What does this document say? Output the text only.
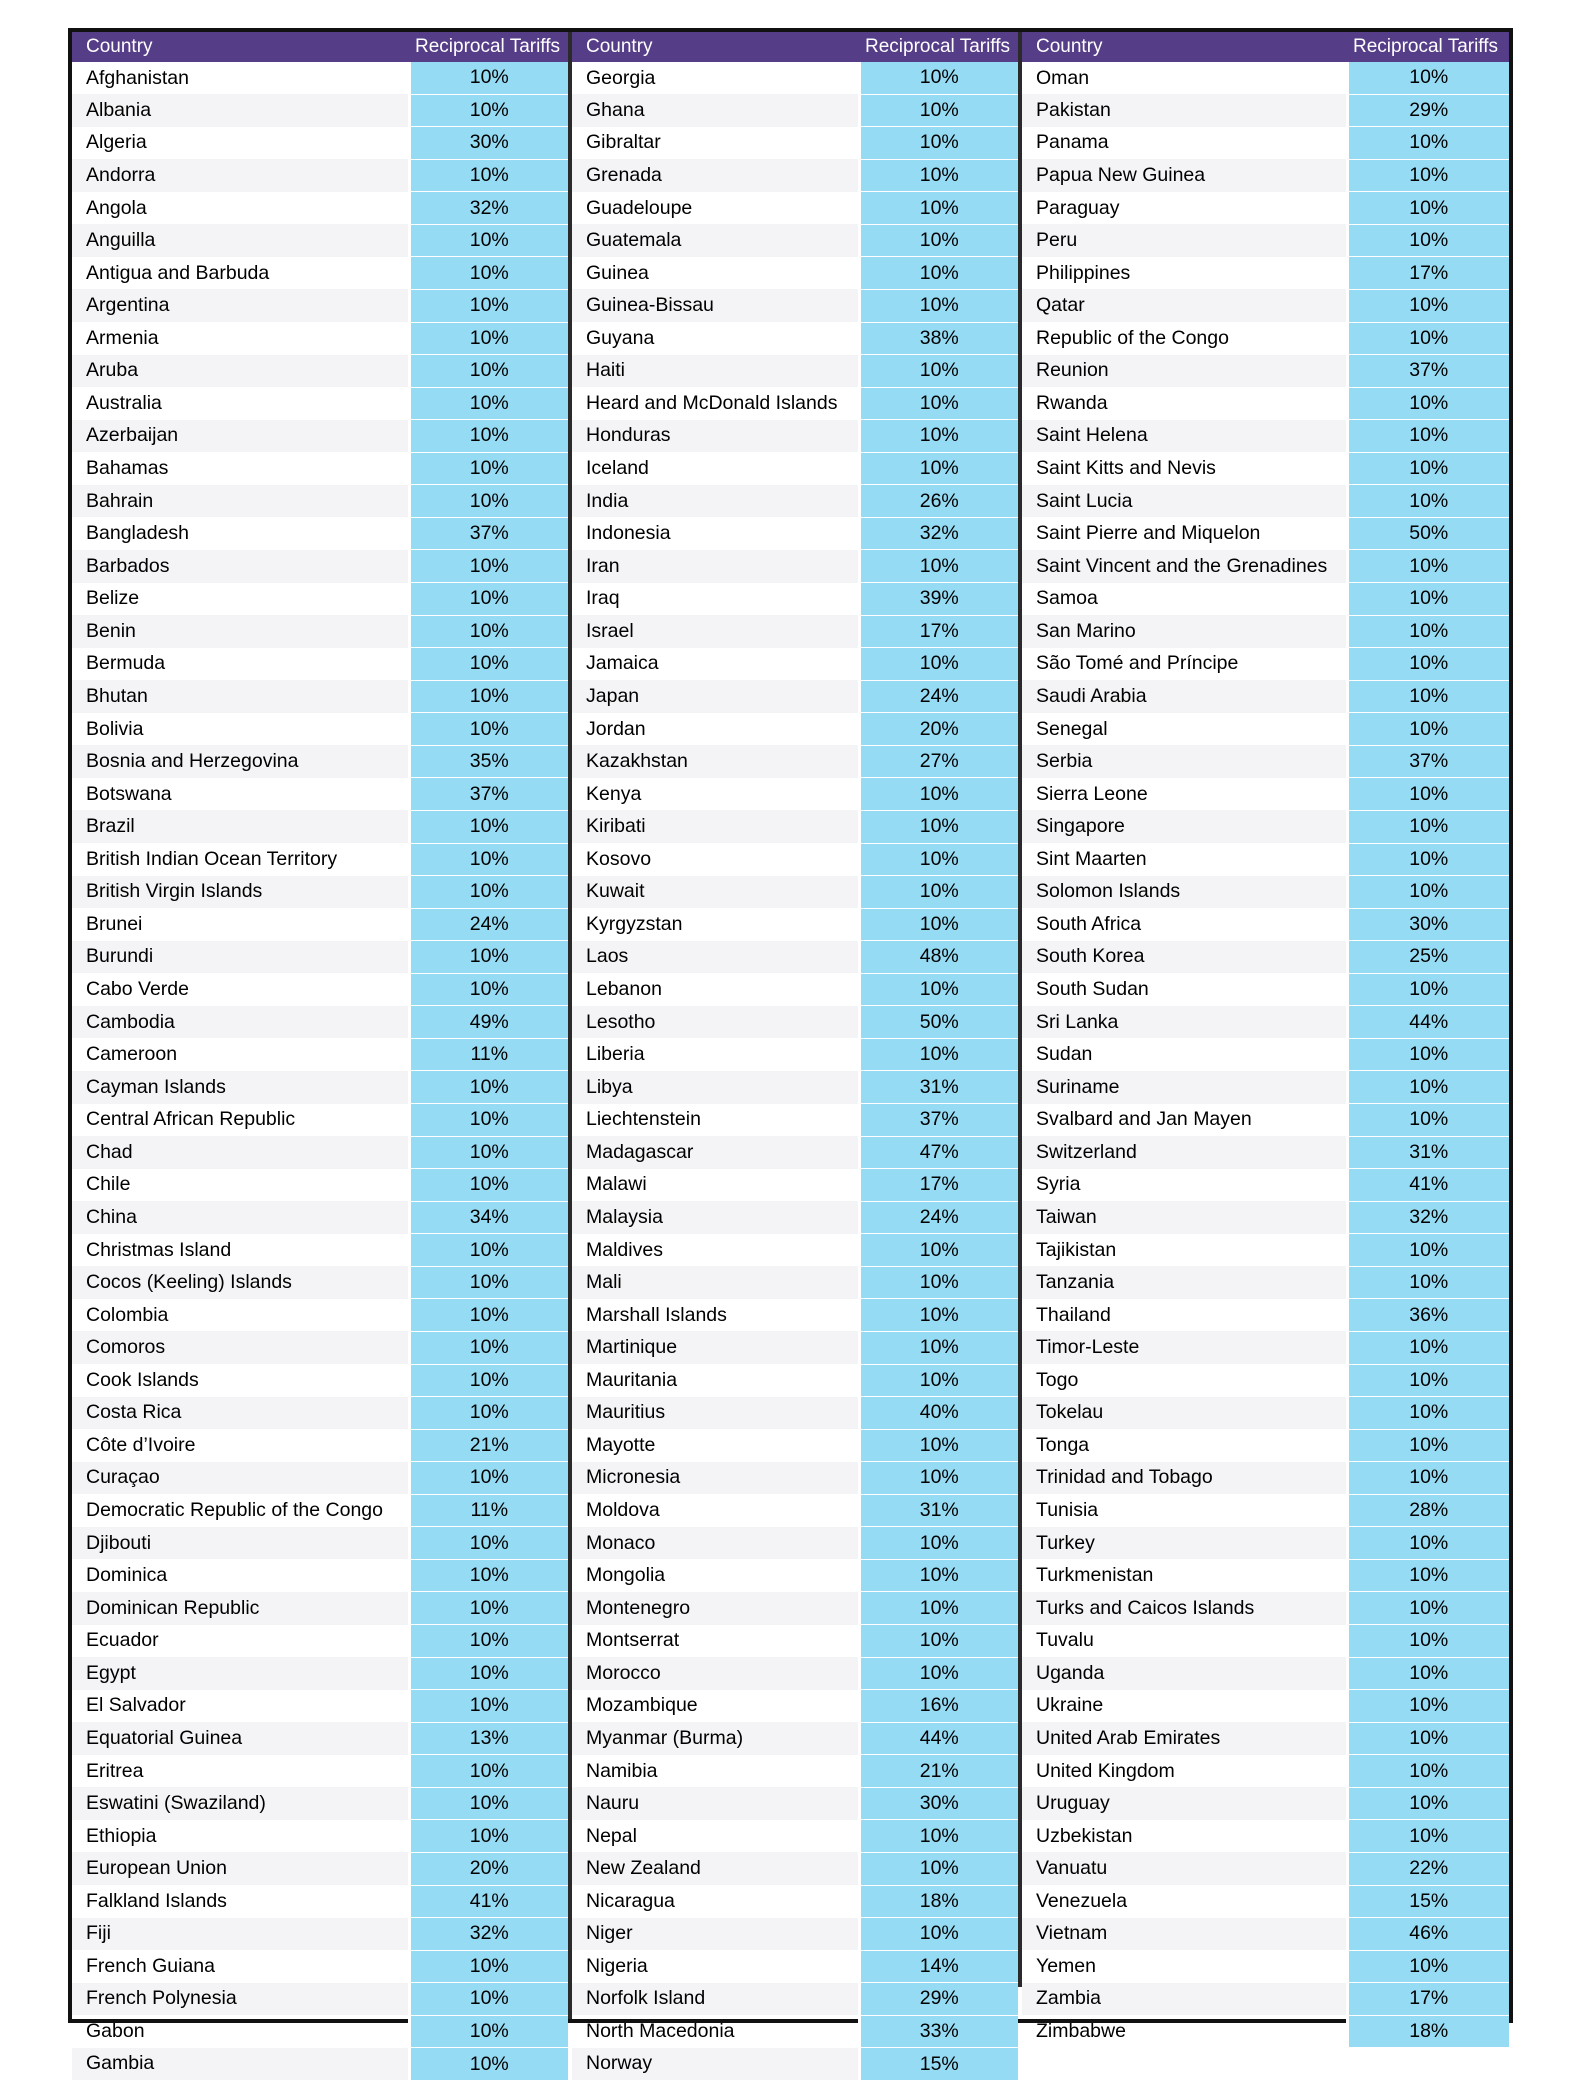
Country	Reciprocal Tariffs
Afghanistan	10%
Albania	10%
Algeria	30%
Andorra	10%
Angola	32%
Anguilla	10%
Antigua and Barbuda	10%
Argentina	10%
Armenia	10%
Aruba	10%
Australia	10%
Azerbaijan	10%
Bahamas	10%
Bahrain	10%
Bangladesh	37%
Barbados	10%
Belize	10%
Benin	10%
Bermuda	10%
Bhutan	10%
Bolivia	10%
Bosnia and Herzegovina	35%
Botswana	37%
Brazil	10%
British Indian Ocean Territory	10%
British Virgin Islands	10%
Brunei	24%
Burundi	10%
Cabo Verde	10%
Cambodia	49%
Cameroon	11%
Cayman Islands	10%
Central African Republic	10%
Chad	10%
Chile	10%
China	34%
Christmas Island	10%
Cocos (Keeling) Islands	10%
Colombia	10%
Comoros	10%
Cook Islands	10%
Costa Rica	10%
Côte d’Ivoire	21%
Curaçao	10%
Democratic Republic of the Congo	11%
Djibouti	10%
Dominica	10%
Dominican Republic	10%
Ecuador	10%
Egypt	10%
El Salvador	10%
Equatorial Guinea	13%
Eritrea	10%
Eswatini (Swaziland)	10%
Ethiopia	10%
European Union	20%
Falkland Islands	41%
Fiji	32%
French Guiana	10%
French Polynesia	10%
Gabon	10%
Gambia	10%
Country	Reciprocal Tariffs
Georgia	10%
Ghana	10%
Gibraltar	10%
Grenada	10%
Guadeloupe	10%
Guatemala	10%
Guinea	10%
Guinea-Bissau	10%
Guyana	38%
Haiti	10%
Heard and McDonald Islands	10%
Honduras	10%
Iceland	10%
India	26%
Indonesia	32%
Iran	10%
Iraq	39%
Israel	17%
Jamaica	10%
Japan	24%
Jordan	20%
Kazakhstan	27%
Kenya	10%
Kiribati	10%
Kosovo	10%
Kuwait	10%
Kyrgyzstan	10%
Laos	48%
Lebanon	10%
Lesotho	50%
Liberia	10%
Libya	31%
Liechtenstein	37%
Madagascar	47%
Malawi	17%
Malaysia	24%
Maldives	10%
Mali	10%
Marshall Islands	10%
Martinique	10%
Mauritania	10%
Mauritius	40%
Mayotte	10%
Micronesia	10%
Moldova	31%
Monaco	10%
Mongolia	10%
Montenegro	10%
Montserrat	10%
Morocco	10%
Mozambique	16%
Myanmar (Burma)	44%
Namibia	21%
Nauru	30%
Nepal	10%
New Zealand	10%
Nicaragua	18%
Niger	10%
Nigeria	14%
Norfolk Island	29%
North Macedonia	33%
Norway	15%
Country	Reciprocal Tariffs
Oman	10%
Pakistan	29%
Panama	10%
Papua New Guinea	10%
Paraguay	10%
Peru	10%
Philippines	17%
Qatar	10%
Republic of the Congo	10%
Reunion	37%
Rwanda	10%
Saint Helena	10%
Saint Kitts and Nevis	10%
Saint Lucia	10%
Saint Pierre and Miquelon	50%
Saint Vincent and the Grenadines	10%
Samoa	10%
San Marino	10%
São Tomé and Príncipe	10%
Saudi Arabia	10%
Senegal	10%
Serbia	37%
Sierra Leone	10%
Singapore	10%
Sint Maarten	10%
Solomon Islands	10%
South Africa	30%
South Korea	25%
South Sudan	10%
Sri Lanka	44%
Sudan	10%
Suriname	10%
Svalbard and Jan Mayen	10%
Switzerland	31%
Syria	41%
Taiwan	32%
Tajikistan	10%
Tanzania	10%
Thailand	36%
Timor-Leste	10%
Togo	10%
Tokelau	10%
Tonga	10%
Trinidad and Tobago	10%
Tunisia	28%
Turkey	10%
Turkmenistan	10%
Turks and Caicos Islands	10%
Tuvalu	10%
Uganda	10%
Ukraine	10%
United Arab Emirates	10%
United Kingdom	10%
Uruguay	10%
Uzbekistan	10%
Vanuatu	22%
Venezuela	15%
Vietnam	46%
Yemen	10%
Zambia	17%
Zimbabwe	18%
